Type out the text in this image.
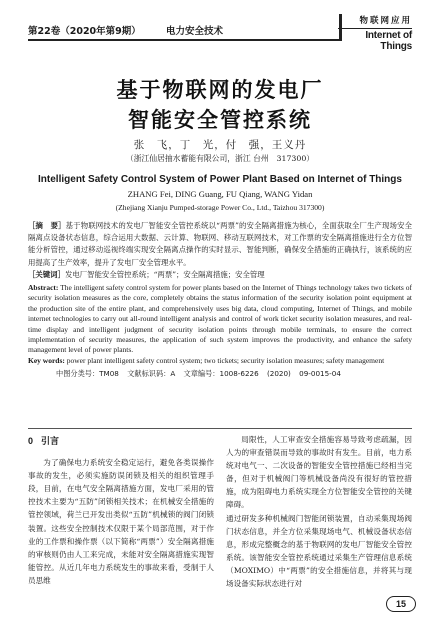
第22卷（2020年第9期）	电力安全技术
物联网应用
Internet of Things
基于物联网的发电厂
智能安全管控系统
张　飞，丁　光，付　强，王义丹
（浙江仙居抽水蓄能有限公司，浙江 台州　317300）
Intelligent Safety Control System of Power Plant Based on Internet of Things
ZHANG Fei, DING Guang, FU Qiang, WANG Yidan
(Zhejiang Xianju Pumped-storage Power Co., Ltd., Taizhou 317300)

［摘　要］基于物联网技术的发电厂智能安全管控系统以“两票”的安全隔离措施为核心，全面获取全厂生产现场安全隔离点设备状态信息，综合运用大数据、云计算、物联网、移动互联网技术，对工作票的安全隔离措施进行全方位智能分析管控，通过移动巡视终端实现安全隔离点操作的实时显示、智能判断，确保安全措施的正确执行，该系统的应用提高了生产效率，提升了发电厂安全管理水平。

［关键词］发电厂智能安全管控系统；“两票”；安全隔离措施；安全管理

Abstract: The intelligent safety control system for power plants based on the Internet of Things technology takes two tickets of security isolation measures as the core, completely obtains the status information of the security isolation point equipment at the production site of the entire plant, and comprehensively uses big data, cloud computing, Internet of Things, and mobile internet technologies to carry out all-round intelligent analysis and control of work ticket security isolation measures, and real-time display and intelligent judgment of security isolation points through mobile terminals, to ensure the correct implementation of security measures, the application of such system improves the productivity, and enhance the safety management level of power plants.

Key words: power plant intelligent safety control system; two tickets; security isolation measures; safety management

中图分类号：TM08 文献标识码：A 文章编号：1008-6226 (2020) 09-0015-04

0 引言

为了确保电力系统安全稳定运行，避免各类误操作事故的发生，必须实施防误闭锁及相关的组织管理手段，目前，在电气安全隔离措施方面，发电厂采用的管控技术主要为“五防”闭锁相关技术；在机械安全措施的管控领域，荷兰已开发出类似“五防”机械锁的阀门闭锁装置。这些安全控制技术仅限于某个局部范围，对于作业的工作票和操作票（以下简称“两票”）安全隔离措施的审核则仍由人工来完成，未能对安全隔离措施实现智能管控。从近几年电力系统发生的事故来看，受制于人员思维

局限性，人工审查安全措施容易导致考虑疏漏，因人为的审查错误而导致的事故时有发生。目前，电力系统对电气一、二次设备的智能安全管控措施已经相当完备，但对于机械阀门等机械设备尚没有很好的管控措施，成为阻碍电力系统实现全方位智能安全管控的关键障碍。
通过研发多种机械阀门智能闭锁装置，自动采集现场阀门状态信息，并全方位采集现场电气、机械设备状态信息，形成完整概念的基于物联网的发电厂智能安全管控系统。该智能安全管控系统通过采集生产管理信息系统（MOXIMO）中“两票”的安全措施信息，并将其与现场设备实际状态进行对

15
